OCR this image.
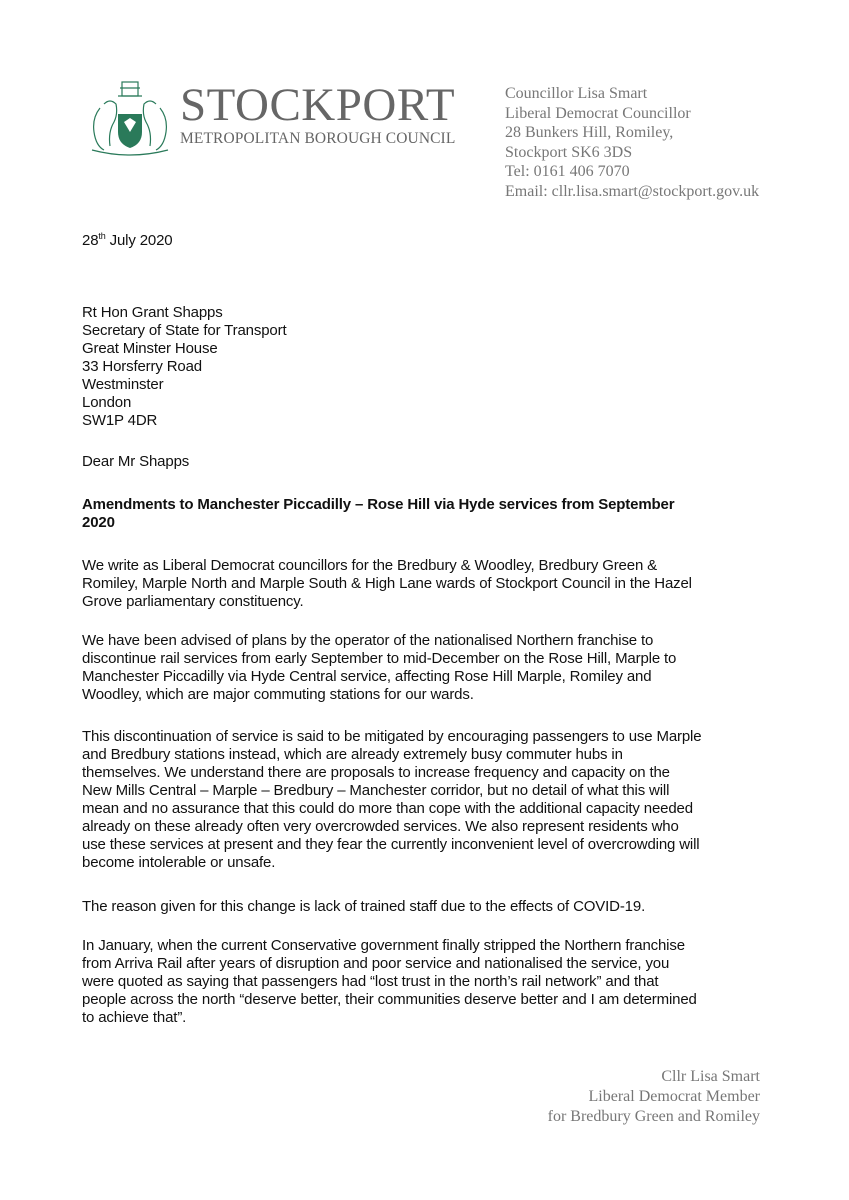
STOCKPORT
METROPOLITAN BOROUGH COUNCIL
Councillor Lisa Smart
Liberal Democrat Councillor
28 Bunkers Hill, Romiley,
Stockport SK6 3DS
Tel: 0161 406 7070
Email: cllr.lisa.smart@stockport.gov.uk
28th July 2020
Rt Hon Grant Shapps
Secretary of State for Transport
Great Minster House
33 Horsferry Road
Westminster
London
SW1P 4DR
Dear Mr Shapps
Amendments to Manchester Piccadilly – Rose Hill via Hyde services from September
2020
We write as Liberal Democrat councillors for the Bredbury & Woodley, Bredbury Green &
Romiley, Marple North and Marple South & High Lane wards of Stockport Council in the Hazel
Grove parliamentary constituency.
We have been advised of plans by the operator of the nationalised Northern franchise to
discontinue rail services from early September to mid-December on the Rose Hill, Marple to
Manchester Piccadilly via Hyde Central service, affecting Rose Hill Marple, Romiley and
Woodley, which are major commuting stations for our wards.
This discontinuation of service is said to be mitigated by encouraging passengers to use Marple
and Bredbury stations instead, which are already extremely busy commuter hubs in
themselves. We understand there are proposals to increase frequency and capacity on the
New Mills Central – Marple – Bredbury – Manchester corridor, but no detail of what this will
mean and no assurance that this could do more than cope with the additional capacity needed
already on these already often very overcrowded services. We also represent residents who
use these services at present and they fear the currently inconvenient level of overcrowding will
become intolerable or unsafe.
The reason given for this change is lack of trained staff due to the effects of COVID-19.
In January, when the current Conservative government finally stripped the Northern franchise
from Arriva Rail after years of disruption and poor service and nationalised the service, you
were quoted as saying that passengers had “lost trust in the north’s rail network” and that
people across the north “deserve better, their communities deserve better and I am determined
to achieve that”.
Cllr Lisa Smart
Liberal Democrat Member
for Bredbury Green and Romiley
